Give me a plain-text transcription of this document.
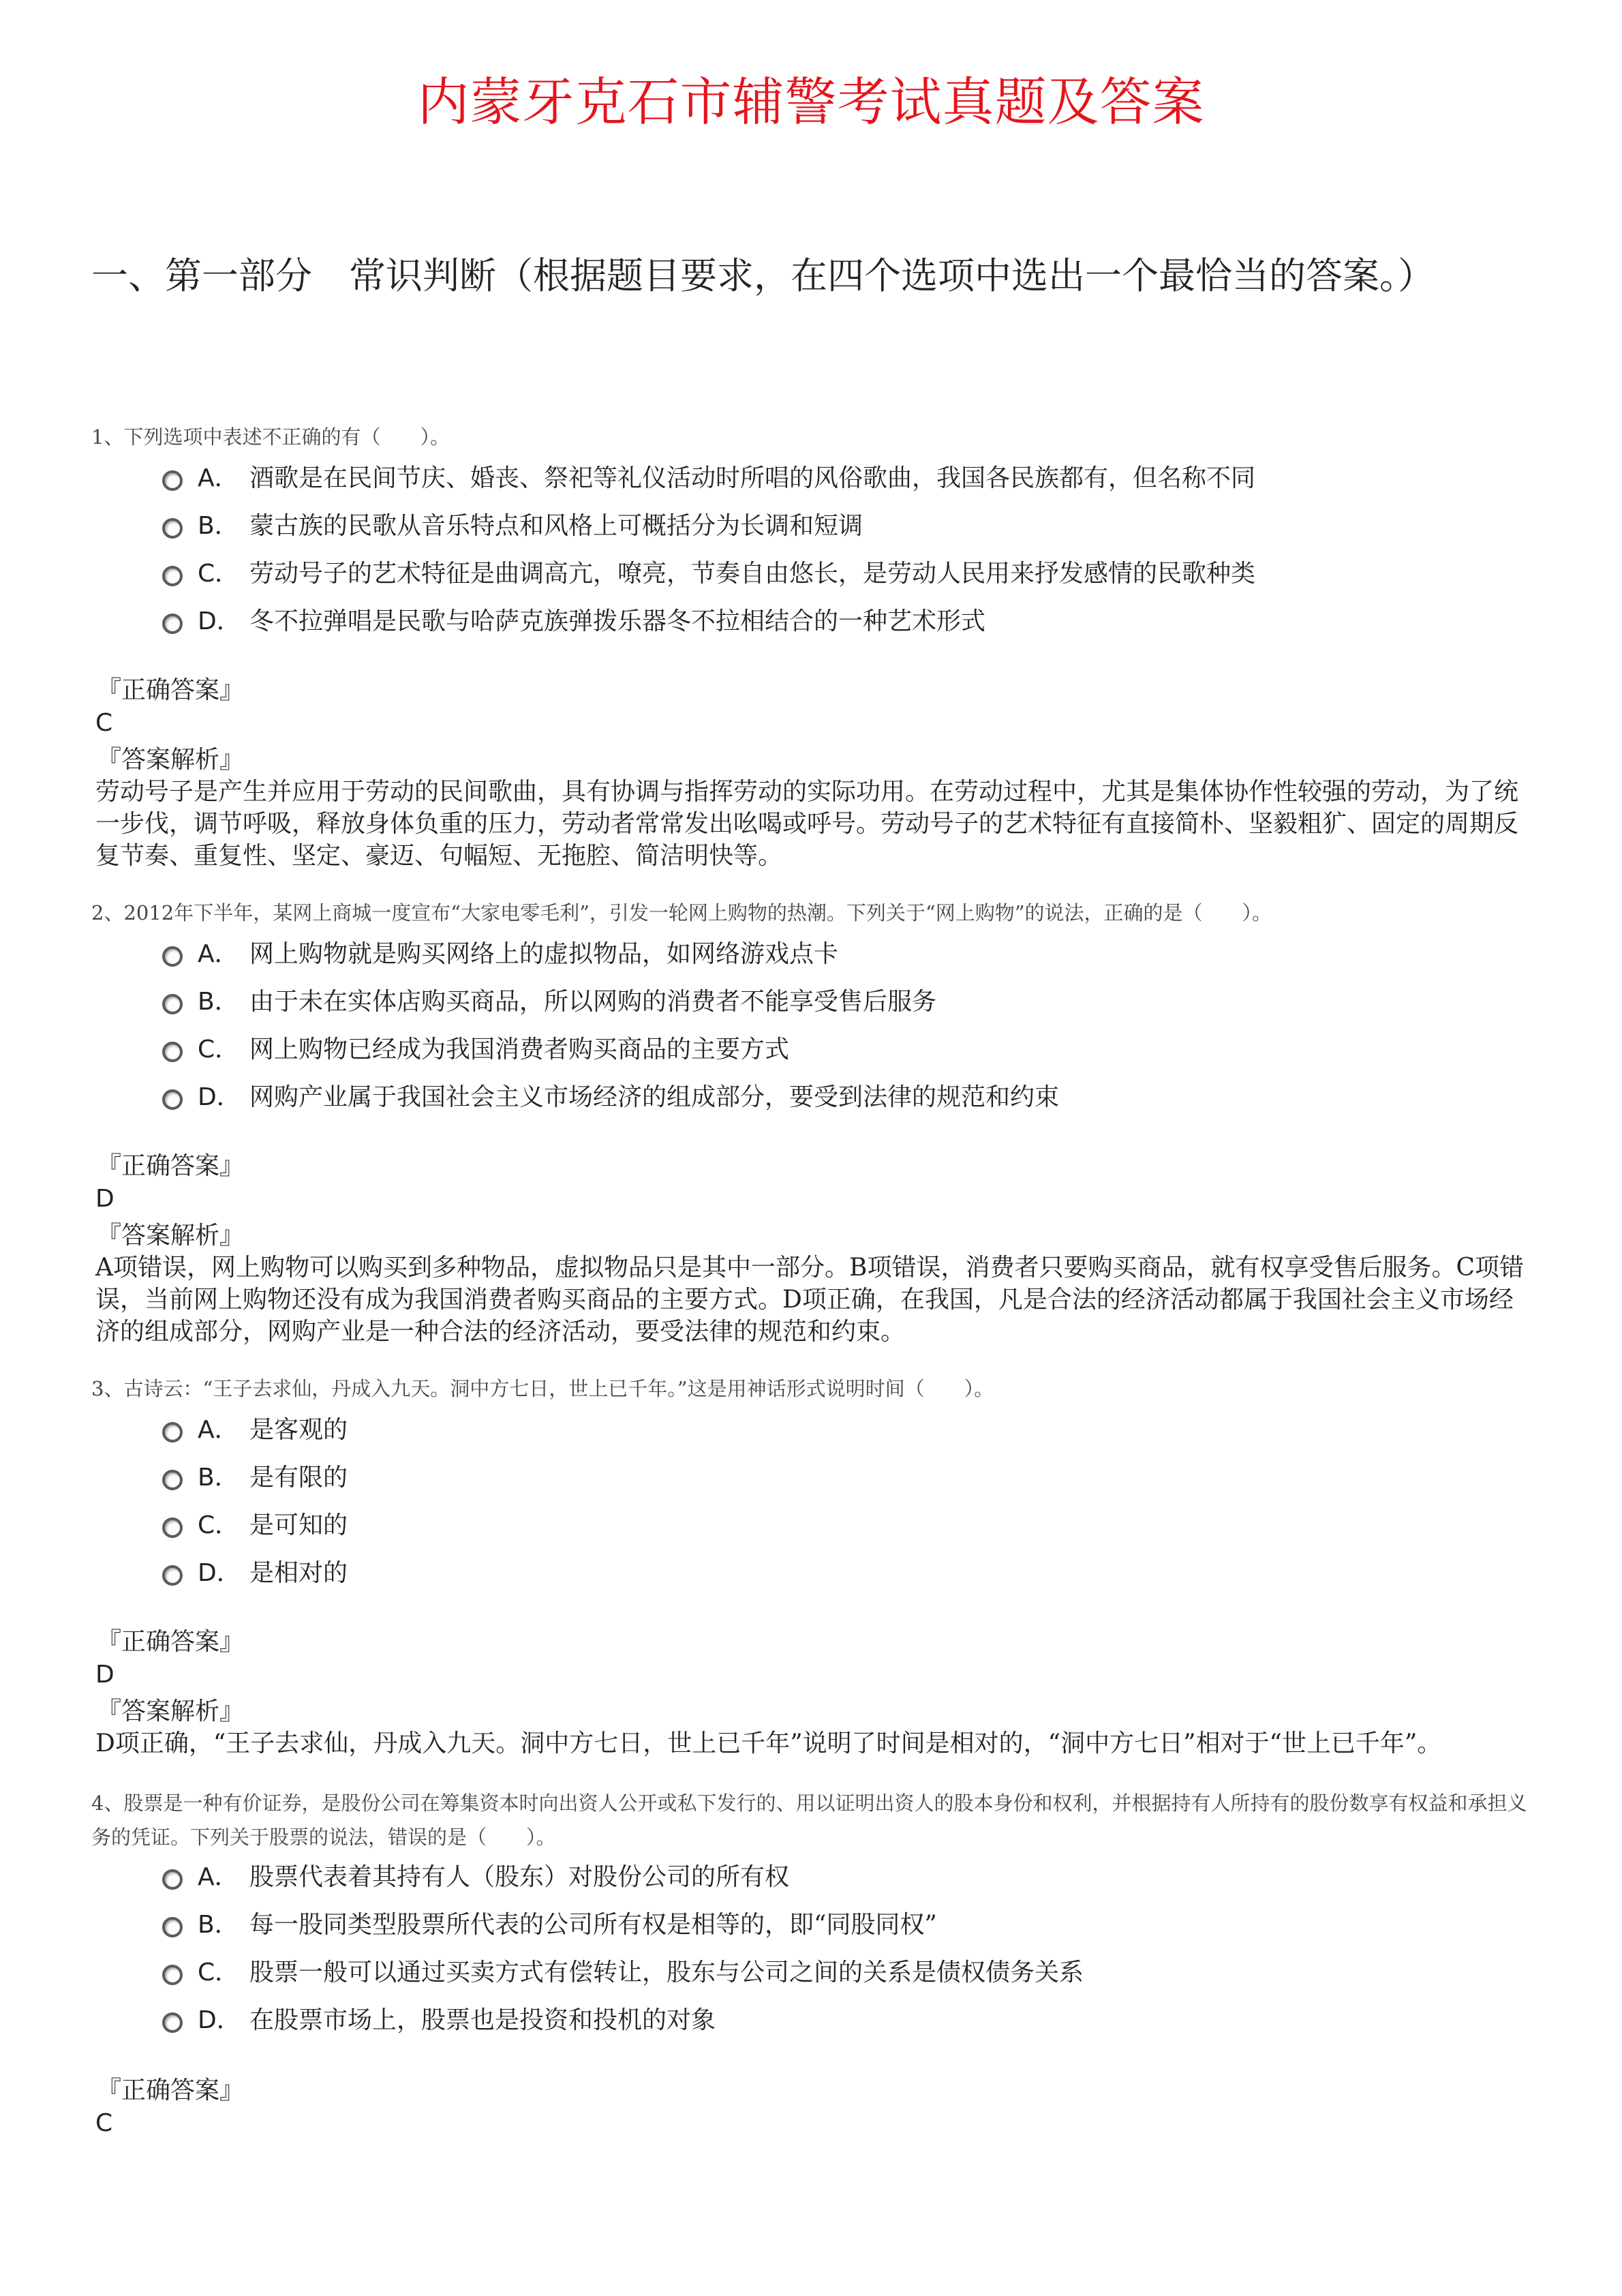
内蒙牙克石市辅警考试真题及答案
一、第一部分　常识判断（根据题目要求，在四个选项中选出一个最恰当的答案。）
1、下列选项中表述不正确的有（　　）。
A． 酒歌是在民间节庆、婚丧、祭祀等礼仪活动时所唱的风俗歌曲，我国各民族都有，但名称不同
B． 蒙古族的民歌从音乐特点和风格上可概括分为长调和短调
C． 劳动号子的艺术特征是曲调高亢，嘹亮，节奏自由悠长，是劳动人民用来抒发感情的民歌种类
D． 冬不拉弹唱是民歌与哈萨克族弹拨乐器冬不拉相结合的一种艺术形式
『正确答案』
C
『答案解析』
劳动号子是产生并应用于劳动的民间歌曲，具有协调与指挥劳动的实际功用。在劳动过程中，尤其是集体协作性较强的劳动，为了统一步伐，调节呼吸，释放身体负重的压力，劳动者常常发出吆喝或呼号。劳动号子的艺术特征有直接简朴、坚毅粗犷、固定的周期反复节奏、重复性、坚定、豪迈、句幅短、无拖腔、简洁明快等。
2、2012年下半年，某网上商城一度宣布“大家电零毛利”，引发一轮网上购物的热潮。下列关于“网上购物”的说法，正确的是（　　）。
A． 网上购物就是购买网络上的虚拟物品，如网络游戏点卡
B． 由于未在实体店购买商品，所以网购的消费者不能享受售后服务
C． 网上购物已经成为我国消费者购买商品的主要方式
D． 网购产业属于我国社会主义市场经济的组成部分，要受到法律的规范和约束
『正确答案』
D
『答案解析』
A项错误，网上购物可以购买到多种物品，虚拟物品只是其中一部分。B项错误，消费者只要购买商品，就有权享受售后服务。C项错误，当前网上购物还没有成为我国消费者购买商品的主要方式。D项正确，在我国，凡是合法的经济活动都属于我国社会主义市场经济的组成部分，网购产业是一种合法的经济活动，要受法律的规范和约束。
3、古诗云：“王子去求仙，丹成入九天。洞中方七日，世上已千年。”这是用神话形式说明时间（　　）。
A． 是客观的
B． 是有限的
C． 是可知的
D． 是相对的
『正确答案』
D
『答案解析』
D项正确，“王子去求仙，丹成入九天。洞中方七日，世上已千年”说明了时间是相对的，“洞中方七日”相对于“世上已千年”。
4、股票是一种有价证券，是股份公司在筹集资本时向出资人公开或私下发行的、用以证明出资人的股本身份和权利，并根据持有人所持有的股份数享有权益和承担义务的凭证。下列关于股票的说法，错误的是（　　）。
A． 股票代表着其持有人（股东）对股份公司的所有权
B． 每一股同类型股票所代表的公司所有权是相等的，即“同股同权”
C． 股票一般可以通过买卖方式有偿转让，股东与公司之间的关系是债权债务关系
D． 在股票市场上，股票也是投资和投机的对象
『正确答案』
C
